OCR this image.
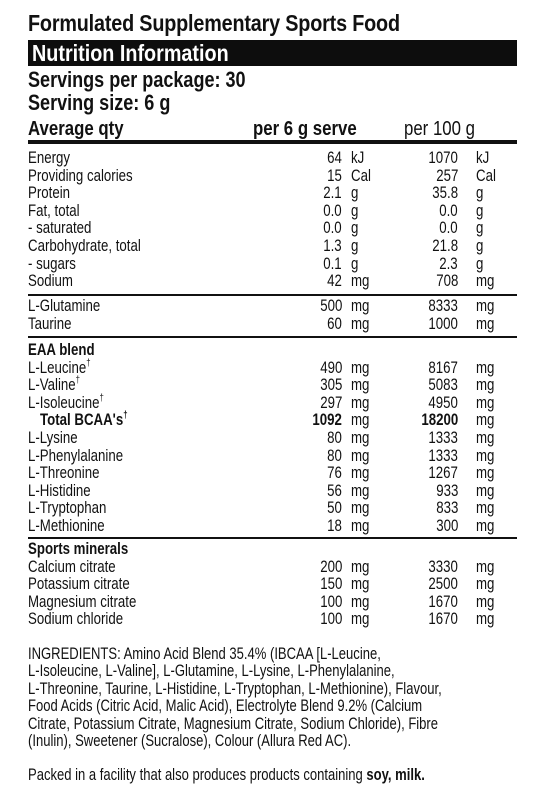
Formulated Supplementary Sports Food
Nutrition Information
Servings per package: 30
Serving size: 6 g
Average qty	per 6 g serve per 100 g
Energy	64 kJ	1070 kJ
Providing calories	15 Cal	257 Cal
Protein	2.1 g	35.8 g
Fat, total	0.0 g	0.0 g
- saturated	0.0 g	0.0 g
Carbohydrate, total	1.3 g	21.8 g
- sugars	0.1 g	2.3 g
Sodium	42 mg	708 mg
L-Glutamine	500 mg	8333 mg
Taurine	60 mg	1000 mg
EAA blend
L-Leucine†	490 mg	8167 mg
L-Valine†	305 mg	5083 mg
L-Isoleucine†	297 mg	4950 mg
Total BCAA's†	1092 mg	18200 mg
L-Lysine	80 mg	1333 mg
L-Phenylalanine	80 mg	1333 mg
L-Threonine	76 mg	1267 mg
L-Histidine	56 mg	933 mg
L-Tryptophan	50 mg	833 mg
L-Methionine	18 mg	300 mg
Sports minerals
Calcium citrate	200 mg	3330 mg
Potassium citrate	150 mg	2500 mg
Magnesium citrate	100 mg	1670 mg
Sodium chloride	100 mg	1670 mg
INGREDIENTS: Amino Acid Blend 35.4% (IBCAA [L-Leucine,
L-Isoleucine, L-Valine], L-Glutamine, L-Lysine, L-Phenylalanine,
L-Threonine, Taurine, L-Histidine, L-Tryptophan, L-Methionine), Flavour,
Food Acids (Citric Acid, Malic Acid), Electrolyte Blend 9.2% (Calcium
Citrate, Potassium Citrate, Magnesium Citrate, Sodium Chloride), Fibre
(Inulin), Sweetener (Sucralose), Colour (Allura Red AC).
Packed in a facility that also produces products containing soy, milk.
